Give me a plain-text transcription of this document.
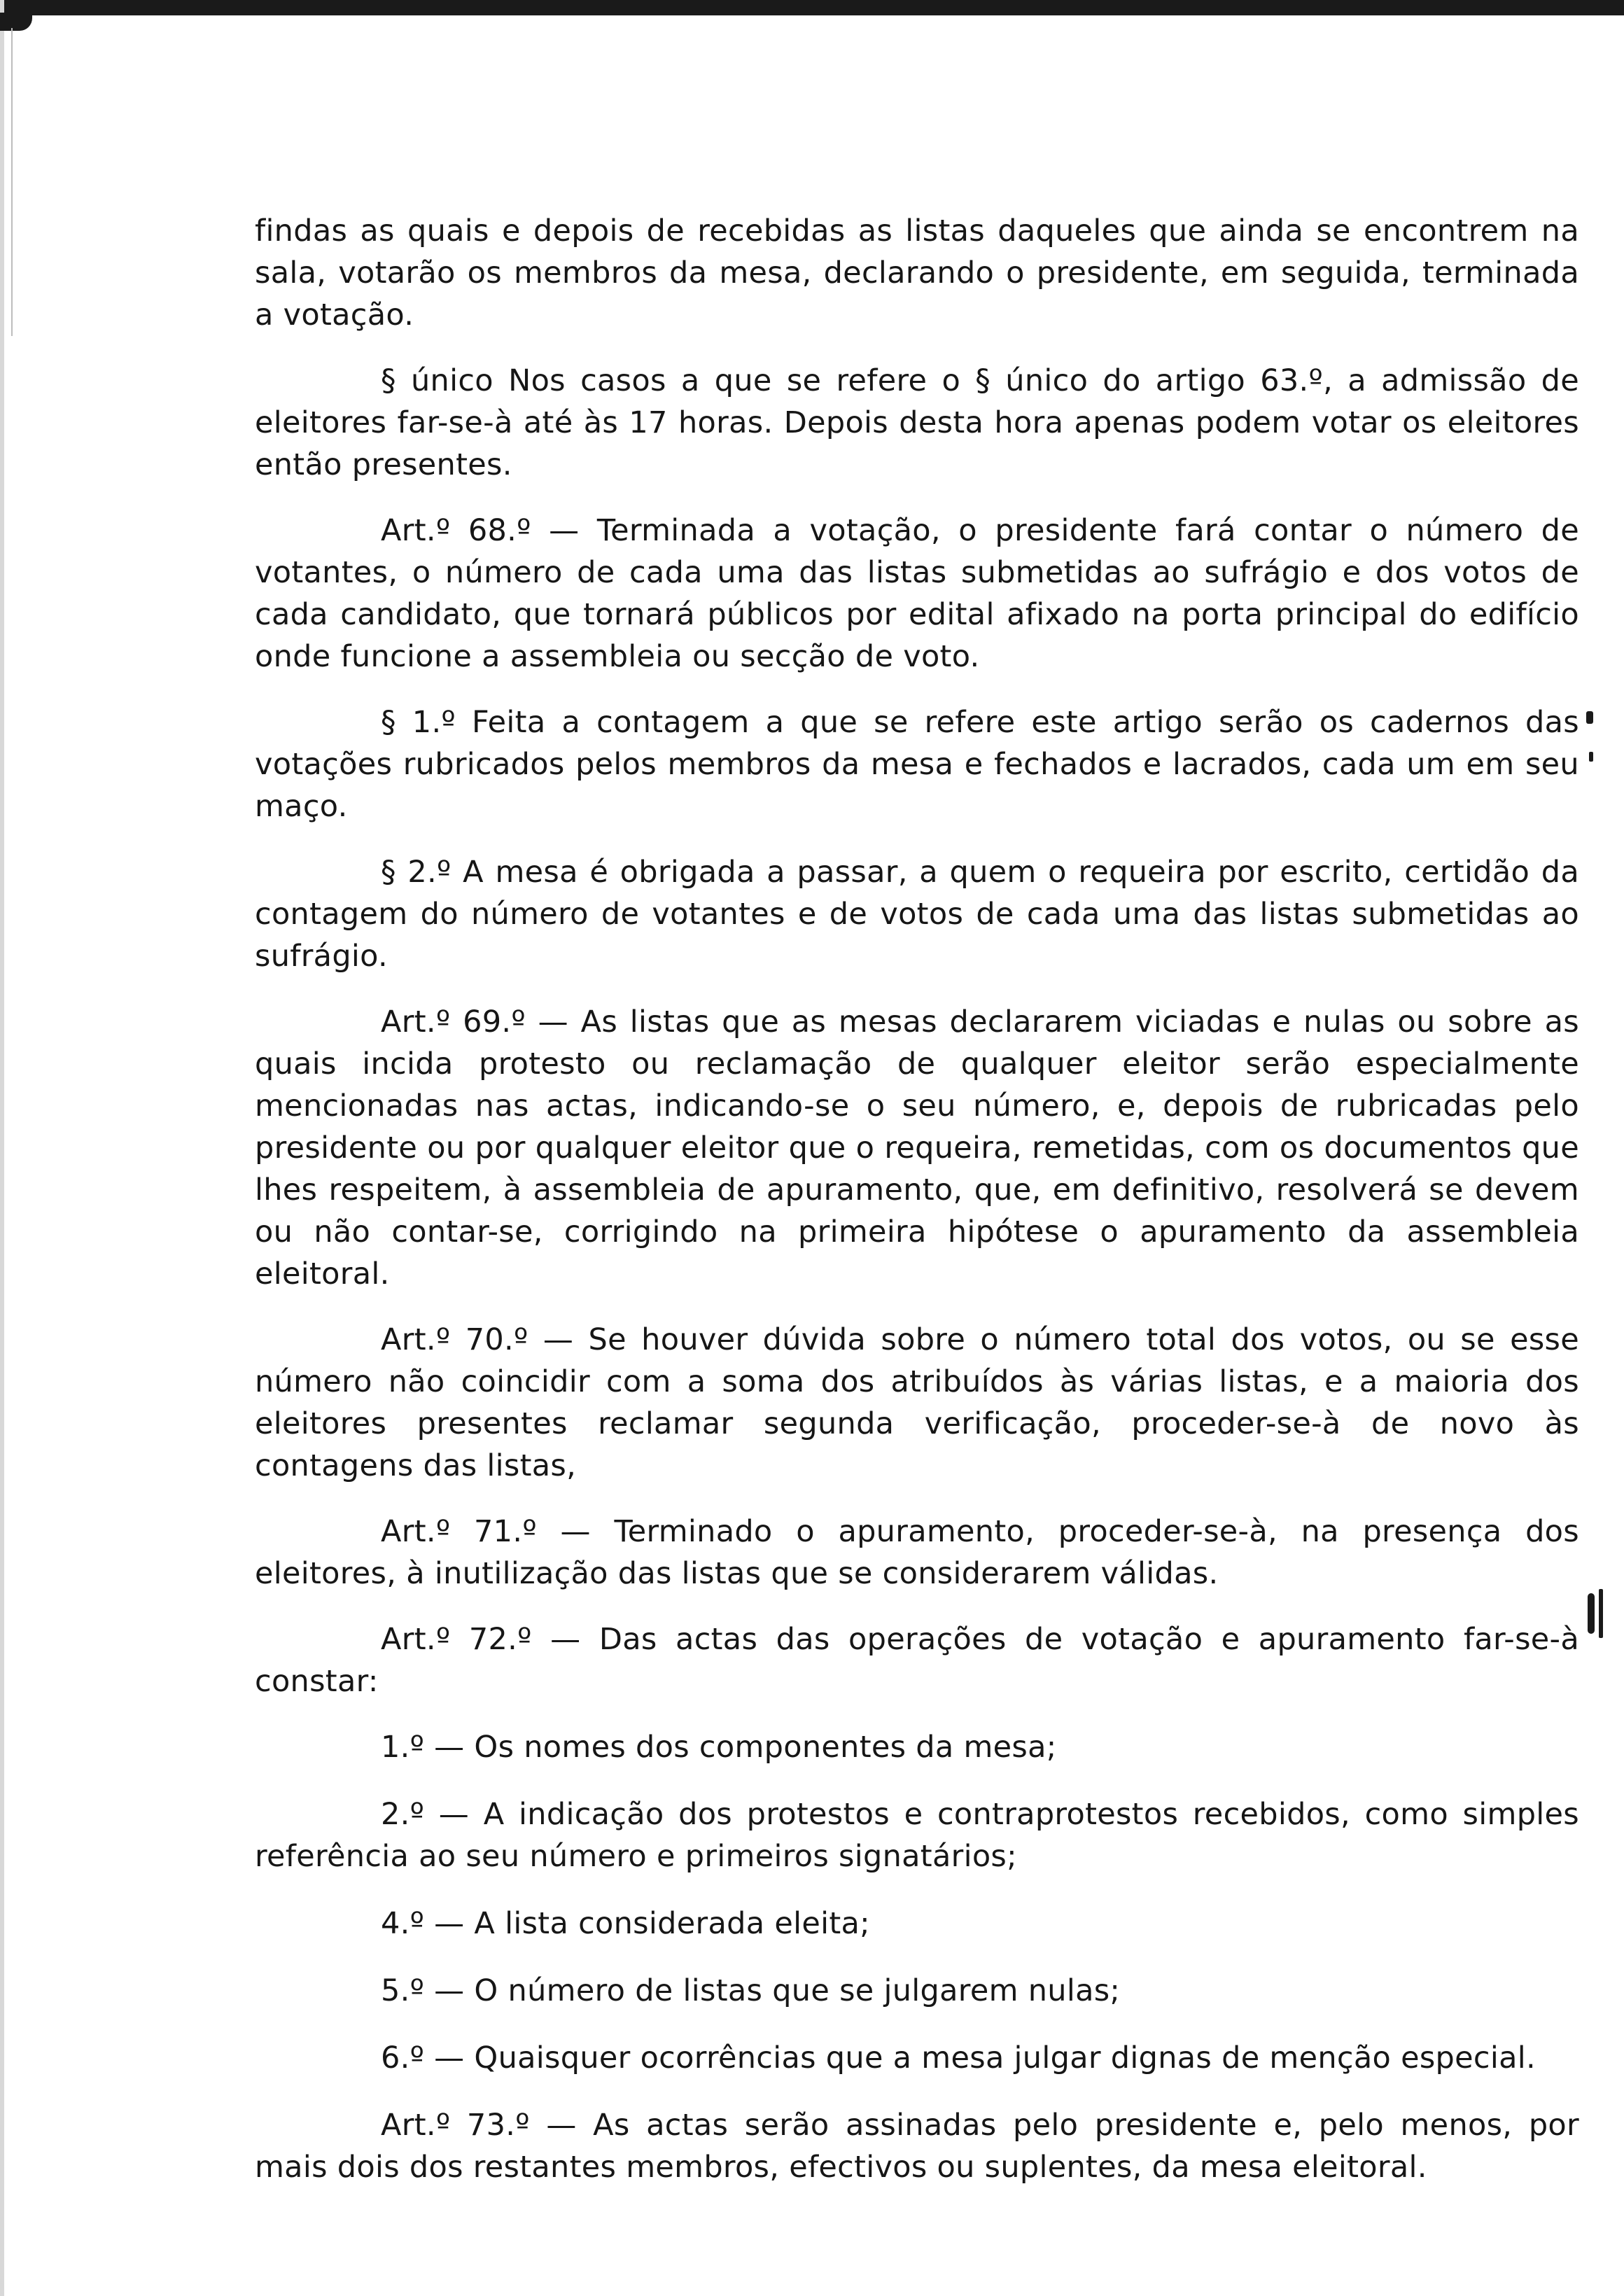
findas as quais e depois de recebidas as listas daqueles que ainda se encontrem na sala, votarão os membros da mesa, declarando o presidente, em seguida, terminada a votação.

§ único Nos casos a que se refere o § único do artigo 63.º, a admissão de eleitores far-se-à até às 17 horas. Depois desta hora apenas podem votar os eleitores então presentes.

Art.º 68.º — Terminada a votação, o presidente fará contar o número de votantes, o número de cada uma das listas submetidas ao sufrágio e dos votos de cada candidato, que tornará públicos por edital afixado na porta principal do edifício onde funcione a assembleia ou secção de voto.

§ 1.º Feita a contagem a que se refere este artigo serão os cadernos das votações rubricados pelos membros da mesa e fechados e lacrados, cada um em seu maço.

§ 2.º A mesa é obrigada a passar, a quem o requeira por escrito, certidão da contagem do número de votantes e de votos de cada uma das listas submetidas ao sufrágio.

Art.º 69.º — As listas que as mesas declararem viciadas e nulas ou sobre as quais incida protesto ou reclamação de qualquer eleitor serão especialmente mencionadas nas actas, indicando-se o seu número, e, depois de rubricadas pelo presidente ou por qualquer eleitor que o requeira, remetidas, com os documentos que lhes respeitem, à assembleia de apuramento, que, em definitivo, resolverá se devem ou não contar-se, corrigindo na primeira hipótese o apuramento da assembleia eleitoral.

Art.º 70.º — Se houver dúvida sobre o número total dos votos, ou se esse número não coincidir com a soma dos atribuídos às várias listas, e a maioria dos eleitores presentes reclamar segunda verificação, proceder-se-à de novo às contagens das listas,

Art.º 71.º — Terminado o apuramento, proceder-se-à, na presença dos eleitores, à inutilização das listas que se considerarem válidas.

Art.º 72.º — Das actas das operações de votação e apuramento far-se-à constar:

1.º — Os nomes dos componentes da mesa;

2.º — A indicação dos protestos e contraprotestos recebidos, como simples referência ao seu número e primeiros signatários;

4.º — A lista considerada eleita;

5.º — O número de listas que se julgarem nulas;

6.º — Quaisquer ocorrências que a mesa julgar dignas de menção especial.

Art.º 73.º — As actas serão assinadas pelo presidente e, pelo menos, por mais dois dos restantes membros, efectivos ou suplentes, da mesa eleitoral.
